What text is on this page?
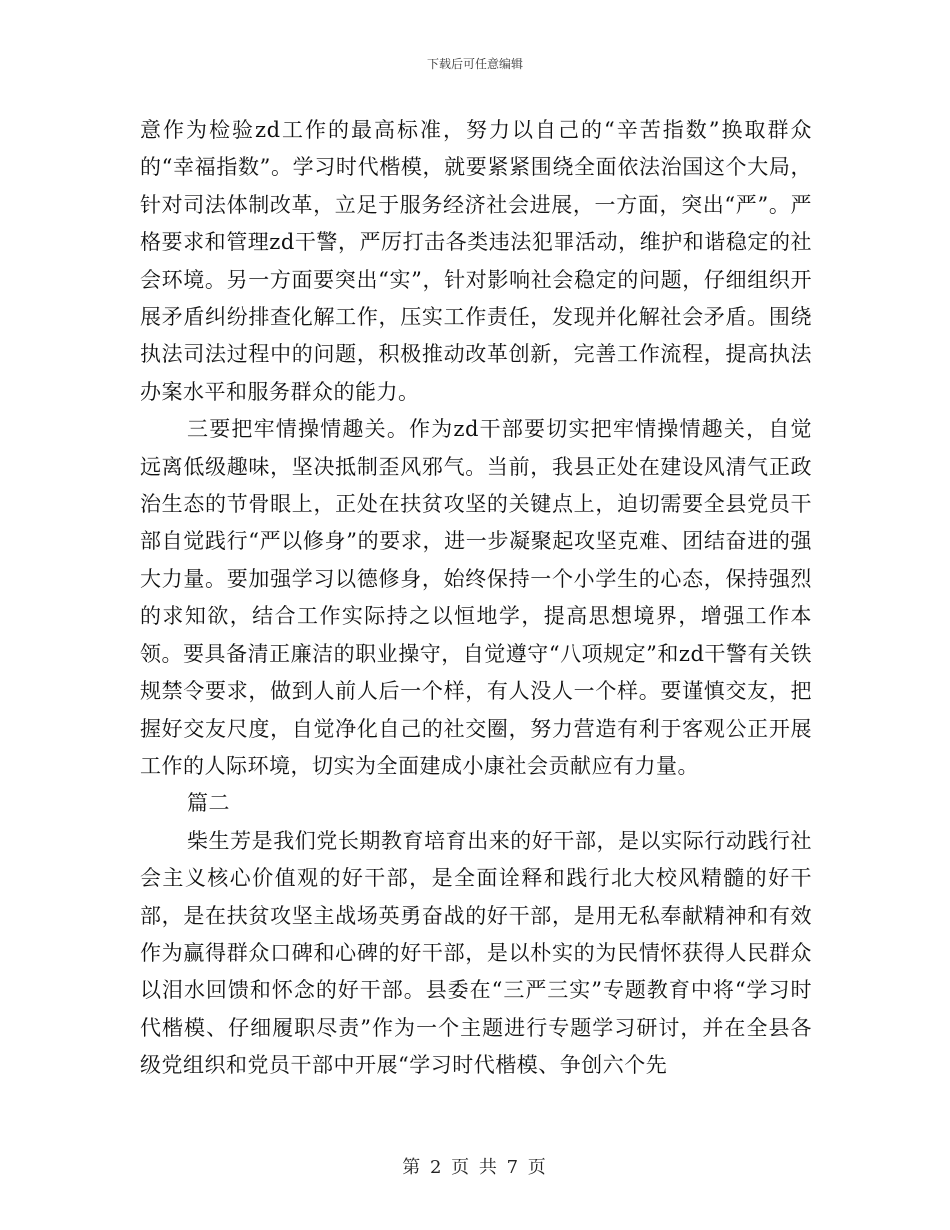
下载后可任意编辑

意作为检验zd工作的最高标准，努力以自己的“辛苦指数”换取群众的“幸福指数”。学习时代楷模，就要紧紧围绕全面依法治国这个大局，针对司法体制改革，立足于服务经济社会进展，一方面，突出“严”。严格要求和管理zd干警，严厉打击各类违法犯罪活动，维护和谐稳定的社会环境。另一方面要突出“实”，针对影响社会稳定的问题，仔细组织开展矛盾纠纷排查化解工作，压实工作责任，发现并化解社会矛盾。围绕执法司法过程中的问题，积极推动改革创新，完善工作流程，提高执法办案水平和服务群众的能力。

三要把牢情操情趣关。作为zd干部要切实把牢情操情趣关，自觉远离低级趣味，坚决抵制歪风邪气。当前，我县正处在建设风清气正政治生态的节骨眼上，正处在扶贫攻坚的关键点上，迫切需要全县党员干部自觉践行“严以修身”的要求，进一步凝聚起攻坚克难、团结奋进的强大力量。要加强学习以德修身，始终保持一个小学生的心态，保持强烈的求知欲，结合工作实际持之以恒地学，提高思想境界，增强工作本领。要具备清正廉洁的职业操守，自觉遵守“八项规定”和zd干警有关铁规禁令要求，做到人前人后一个样，有人没人一个样。要谨慎交友，把握好交友尺度，自觉净化自己的社交圈，努力营造有利于客观公正开展工作的人际环境，切实为全面建成小康社会贡献应有力量。

篇二

柴生芳是我们党长期教育培育出来的好干部，是以实际行动践行社会主义核心价值观的好干部，是全面诠释和践行北大校风精髓的好干部，是在扶贫攻坚主战场英勇奋战的好干部，是用无私奉献精神和有效作为赢得群众口碑和心碑的好干部，是以朴实的为民情怀获得人民群众以泪水回馈和怀念的好干部。县委在“三严三实”专题教育中将“学习时代楷模、仔细履职尽责”作为一个主题进行专题学习研讨，并在全县各级党组织和党员干部中开展“学习时代楷模、争创六个先

第 2 页 共 7 页
